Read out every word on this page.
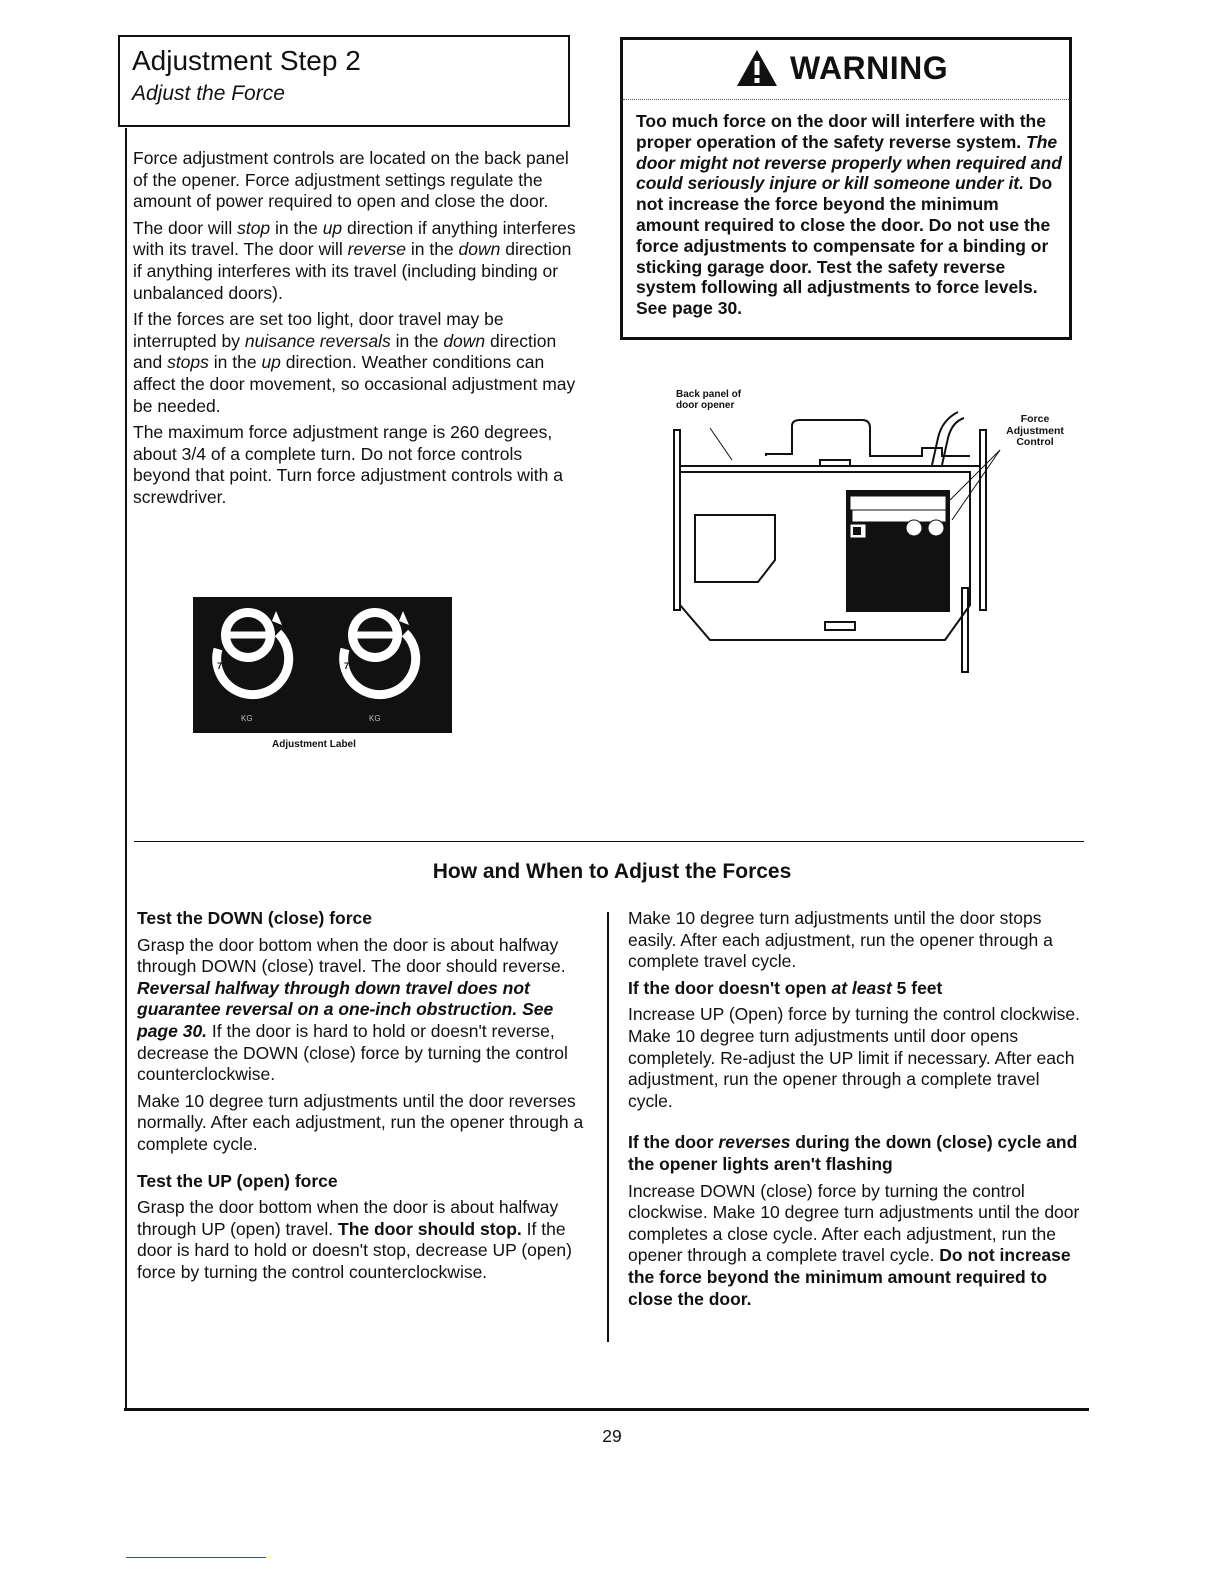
Adjustment Step 2
Adjust the Force

Force adjustment controls are located on the back panel of the opener. Force adjustment settings regulate the amount of power required to open and close the door.

The door will stop in the up direction if anything interferes with its travel. The door will reverse in the down direction if anything interferes with its travel (including binding or unbalanced doors).

If the forces are set too light, door travel may be interrupted by nuisance reversals in the down direction and stops in the up direction. Weather conditions can affect the door movement, so occasional adjustment may be needed.

The maximum force adjustment range is 260 degrees, about 3/4 of a complete turn. Do not force controls beyond that point. Turn force adjustment controls with a screwdriver.

WARNING
Too much force on the door will interfere with the proper operation of the safety reverse system. The door might not reverse properly when required and could seriously injure or kill someone under it. Do not increase the force beyond the minimum amount required to close the door. Do not use the force adjustments to compensate for a binding or sticking garage door. Test the safety reverse system following all adjustments to force levels. See page 30.
9
7
5
3
9
7
5
3
KG	KG
Adjustment Label
Back panel of
door opener
Force
Adjustment
Control
How and When to Adjust the Forces
Test the DOWN (close) force

Grasp the door bottom when the door is about halfway through DOWN (close) travel. The door should reverse. Reversal halfway through down travel does not guarantee reversal on a one-inch obstruction. See page 30. If the door is hard to hold or doesn't reverse, decrease the DOWN (close) force by turning the control counterclockwise.

Make 10 degree turn adjustments until the door reverses normally. After each adjustment, run the opener through a complete cycle.

Test the UP (open) force

Grasp the door bottom when the door is about halfway through UP (open) travel. The door should stop. If the door is hard to hold or doesn't stop, decrease UP (open) force by turning the control counterclockwise.

Make 10 degree turn adjustments until the door stops easily. After each adjustment, run the opener through a complete travel cycle.

If the door doesn't open at least 5 feet

Increase UP (Open) force by turning the control clockwise. Make 10 degree turn adjustments until door opens completely. Re-adjust the UP limit if necessary. After each adjustment, run the opener through a complete travel cycle.

If the door reverses during the down (close) cycle and the opener lights aren't flashing

Increase DOWN (close) force by turning the control clockwise. Make 10 degree turn adjustments until the door completes a close cycle. After each adjustment, run the opener through a complete travel cycle. Do not increase the force beyond the minimum amount required to close the door.

29
